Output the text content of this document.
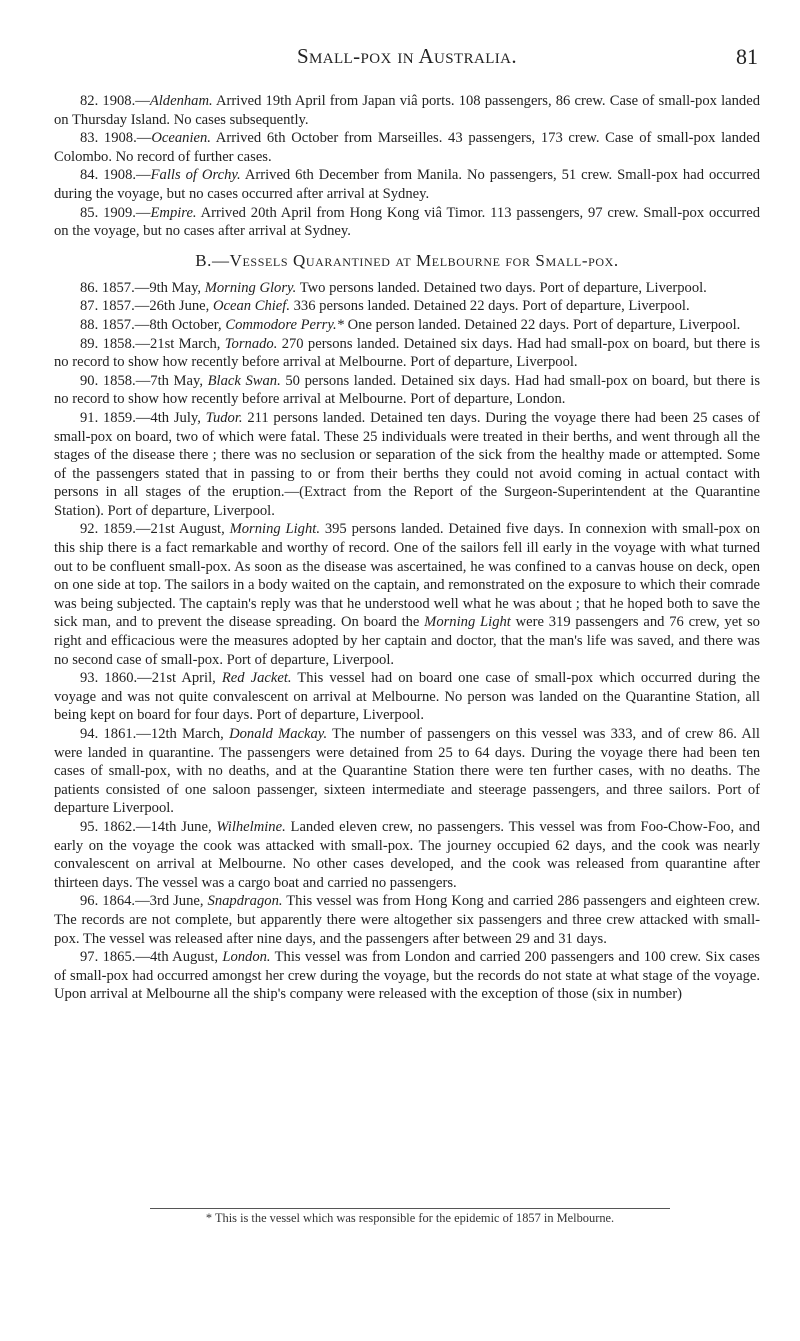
Small-pox in Australia.	81

82. 1908.—Aldenham. Arrived 19th April from Japan viâ ports. 108 passengers, 86 crew. Case of small-pox landed on Thursday Island. No cases subsequently.

83. 1908.—Oceanien. Arrived 6th October from Marseilles. 43 passengers, 173 crew. Case of small-pox landed Colombo. No record of further cases.

84. 1908.—Falls of Orchy. Arrived 6th December from Manila. No passengers, 51 crew. Small-pox had occurred during the voyage, but no cases occurred after arrival at Sydney.

85. 1909.—Empire. Arrived 20th April from Hong Kong viâ Timor. 113 passengers, 97 crew. Small-pox occurred on the voyage, but no cases after arrival at Sydney.

B.—Vessels Quarantined at Melbourne for Small-pox.

86. 1857.—9th May, Morning Glory. Two persons landed. Detained two days. Port of departure, Liverpool.

87. 1857.—26th June, Ocean Chief. 336 persons landed. Detained 22 days. Port of departure, Liverpool.

88. 1857.—8th October, Commodore Perry.* One person landed. Detained 22 days. Port of departure, Liverpool.

89. 1858.—21st March, Tornado. 270 persons landed. Detained six days. Had had small-pox on board, but there is no record to show how recently before arrival at Melbourne. Port of departure, Liverpool.

90. 1858.—7th May, Black Swan. 50 persons landed. Detained six days. Had had small-pox on board, but there is no record to show how recently before arrival at Melbourne. Port of departure, London.

91. 1859.—4th July, Tudor. 211 persons landed. Detained ten days. During the voyage there had been 25 cases of small-pox on board, two of which were fatal. These 25 individuals were treated in their berths, and went through all the stages of the disease there ; there was no seclusion or separation of the sick from the healthy made or attempted. Some of the passengers stated that in passing to or from their berths they could not avoid coming in actual contact with persons in all stages of the eruption.—(Extract from the Report of the Surgeon-Superintendent at the Quarantine Station). Port of departure, Liverpool.

92. 1859.—21st August, Morning Light. 395 persons landed. Detained five days. In connexion with small-pox on this ship there is a fact remarkable and worthy of record. One of the sailors fell ill early in the voyage with what turned out to be confluent small-pox. As soon as the disease was ascertained, he was confined to a canvas house on deck, open on one side at top. The sailors in a body waited on the captain, and remonstrated on the exposure to which their comrade was being subjected. The captain's reply was that he understood well what he was about ; that he hoped both to save the sick man, and to prevent the disease spreading. On board the Morning Light were 319 passengers and 76 crew, yet so right and efficacious were the measures adopted by her captain and doctor, that the man's life was saved, and there was no second case of small-pox. Port of departure, Liverpool.

93. 1860.—21st April, Red Jacket. This vessel had on board one case of small-pox which occurred during the voyage and was not quite convalescent on arrival at Melbourne. No person was landed on the Quarantine Station, all being kept on board for four days. Port of departure, Liverpool.

94. 1861.—12th March, Donald Mackay. The number of passengers on this vessel was 333, and of crew 86. All were landed in quarantine. The passengers were detained from 25 to 64 days. During the voyage there had been ten cases of small-pox, with no deaths, and at the Quarantine Station there were ten further cases, with no deaths. The patients consisted of one saloon passenger, sixteen intermediate and steerage passengers, and three sailors. Port of departure Liverpool.

95. 1862.—14th June, Wilhelmine. Landed eleven crew, no passengers. This vessel was from Foo-Chow-Foo, and early on the voyage the cook was attacked with small-pox. The journey occupied 62 days, and the cook was nearly convalescent on arrival at Melbourne. No other cases developed, and the cook was released from quarantine after thirteen days. The vessel was a cargo boat and carried no passengers.

96. 1864.—3rd June, Snapdragon. This vessel was from Hong Kong and carried 286 passengers and eighteen crew. The records are not complete, but apparently there were altogether six passengers and three crew attacked with small-pox. The vessel was released after nine days, and the passengers after between 29 and 31 days.

97. 1865.—4th August, London. This vessel was from London and carried 200 passengers and 100 crew. Six cases of small-pox had occurred amongst her crew during the voyage, but the records do not state at what stage of the voyage. Upon arrival at Melbourne all the ship's company were released with the exception of those (six in number)

* This is the vessel which was responsible for the epidemic of 1857 in Melbourne.
